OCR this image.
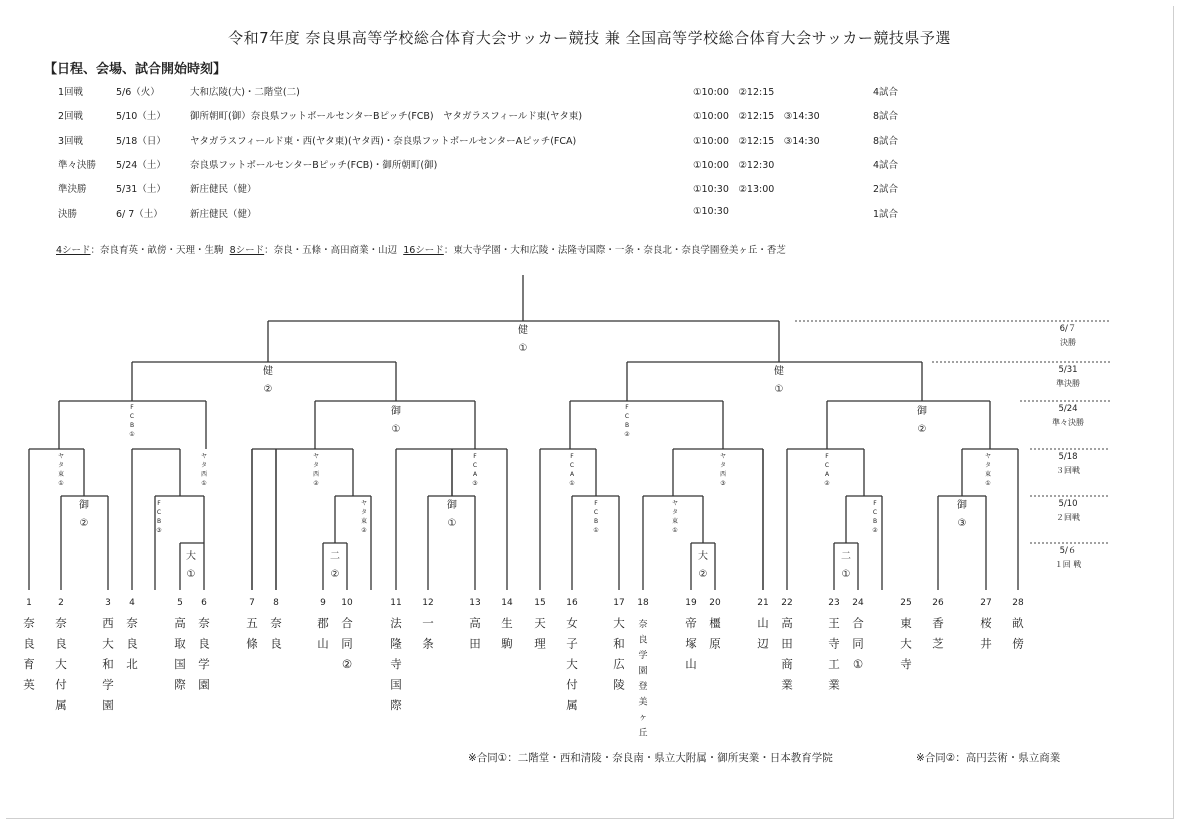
令和7年度 奈良県高等学校総合体育大会サッカー競技 兼 全国高等学校総合体育大会サッカー競技県予選
【日程、会場、試合開始時刻】
1回戦	5/6（火）	大和広陵(大)・二階堂(二)	①10:00　②12:15	4試合
2回戦	5/10（土）	御所朝町(御）奈良県フットボールセンターBピッチ(FCB)　ヤタガラスフィールド東(ヤタ東)	①10:00　②12:15　③14:30	8試合
3回戦	5/18（日）	ヤタガラスフィールド東・西(ヤタ東)(ヤタ西)・奈良県フットボールセンターAピッチ(FCA)	①10:00　②12:15　③14:30	8試合
準々決勝 5/24（土）	奈良県フットボールセンターBピッチ(FCB)・御所朝町(御)	①10:00　②12:30	4試合
準決勝	5/31（土）	新庄健民（健）	①10:30　②13:00	2試合
決勝	6/ 7（土）	新庄健民（健）	①10:30	1試合
4シード：奈良育英・畝傍・天理・生駒 8シード：奈良・五條・高田商業・山辺 16シード：東大寺学園・大和広陵・法隆寺国際・一条・奈良北・奈良学園登美ヶ丘・香芝
大
①
二
②
大
②
二
①
御
②
F
C
B
③
ヤ
タ
東
②
御
①
F
C
B
①
ヤ
タ
東
①
F
C
B
②
御
③
ヤ
タ
東
①
ヤ
タ
西
①
ヤ
タ
西
②
F
C
A
③
F
C
A
①
ヤ
タ
西
③
F
C
A
②
ヤ
タ
東
①
F
C
B
①
御
①
F
C
B
②
御
②
健
②
健
①
健
①
1
奈
良
育
英
2
奈
良
大
付
属
3
西
大
和
学
園
4
奈
良
北
5
高
取
国
際
6
奈
良
学
園
7
五
條
8
奈
良
9
郡
山
10
合
同
②
11
法
隆
寺
国
際
12
一
条
13
高
田
14
生
駒
15
天
理
16
女
子
大
付
属
17
大
和
広
陵
18
奈
良
学
園
登
美
ヶ
丘
19
帝
塚
山
20
橿
原
21
山
辺
22
高
田
商
業
23
王
寺
工
業
24
合
同
①
25
東
大
寺
26
香
芝
27
桜
井
28
畝
傍
6/７
決勝
5/31
準決勝
5/24
準々決勝
5/18
３回戦
5/10
２回戦
5/６
１回 戦
※合同①：二階堂・西和清陵・奈良南・県立大附属・御所実業・日本教育学院	※合同②：高円芸術・県立商業
